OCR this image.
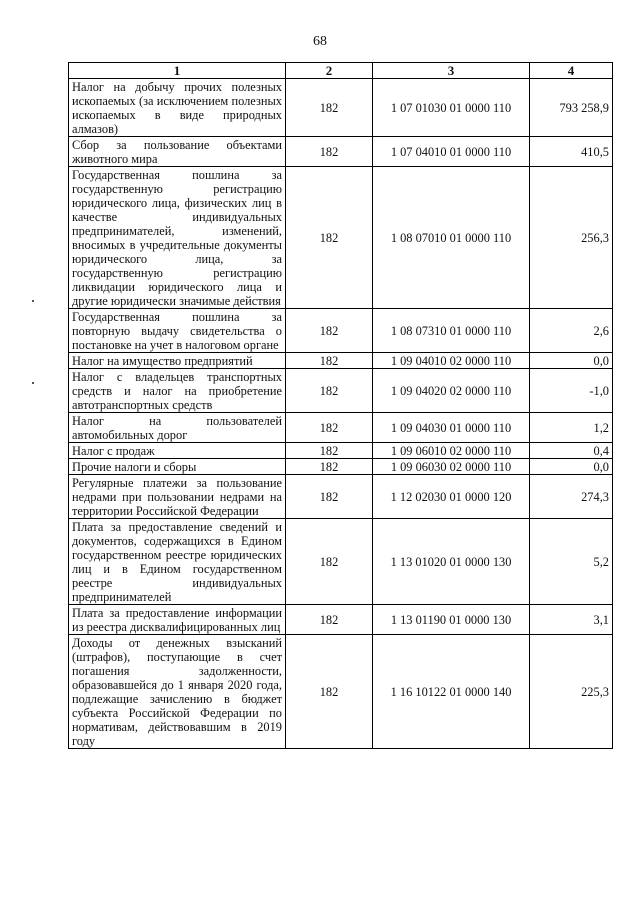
68
1	2	3	4
Налог на добычу прочих полезных ископаемых (за исключением полезных ископаемых в виде природных алмазов)	182	1 07 01030 01 0000 110	793 258,9
Сбор за пользование объектами животного мира	182	1 07 04010 01 0000 110	410,5
Государственная пошлина за государственную регистрацию юридического лица, физических лиц в качестве индивидуальных предпринимателей, изменений, вносимых в учредительные документы юридического лица, за государственную регистрацию ликвидации юридического лица и другие юридически значимые действия	182	1 08 07010 01 0000 110	256,3
Государственная пошлина за повторную выдачу свидетельства о постановке на учет в налоговом органе	182	1 08 07310 01 0000 110	2,6
Налог на имущество предприятий	182	1 09 04010 02 0000 110	0,0
Налог с владельцев транспортных средств и налог на приобретение автотранспортных средств	182	1 09 04020 02 0000 110	-1,0
Налог на пользователей автомобильных дорог	182	1 09 04030 01 0000 110	1,2
Налог с продаж	182	1 09 06010 02 0000 110	0,4
Прочие налоги и сборы	182	1 09 06030 02 0000 110	0,0
Регулярные платежи за пользование недрами при пользовании недрами на территории Российской Федерации	182	1 12 02030 01 0000 120	274,3
Плата за предоставление сведений и документов, содержащихся в Едином государственном реестре юридических лиц и в Едином государственном реестре индивидуальных предпринимателей	182	1 13 01020 01 0000 130	5,2
Плата за предоставление информации из реестра дисквалифицированных лиц	182	1 13 01190 01 0000 130	3,1
Доходы от денежных взысканий (штрафов), поступающие в счет погашения задолженности, образовавшейся до 1 января 2020 года, подлежащие зачислению в бюджет субъекта Российской Федерации по нормативам, действовавшим в 2019 году	182	1 16 10122 01 0000 140	225,3
